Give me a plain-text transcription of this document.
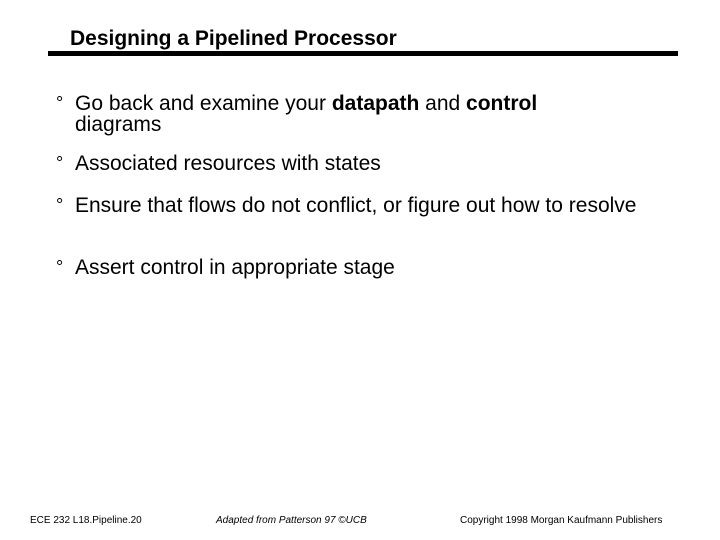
Designing a Pipelined Processor
° Go back and examine your datapath and control
diagrams
° Associated resources with states
° Ensure that flows do not conflict, or figure out how to resolve
° Assert control in appropriate stage
ECE 232 L18.Pipeline.20	Adapted from Patterson 97 ©UCB	Copyright 1998 Morgan Kaufmann Publishers
